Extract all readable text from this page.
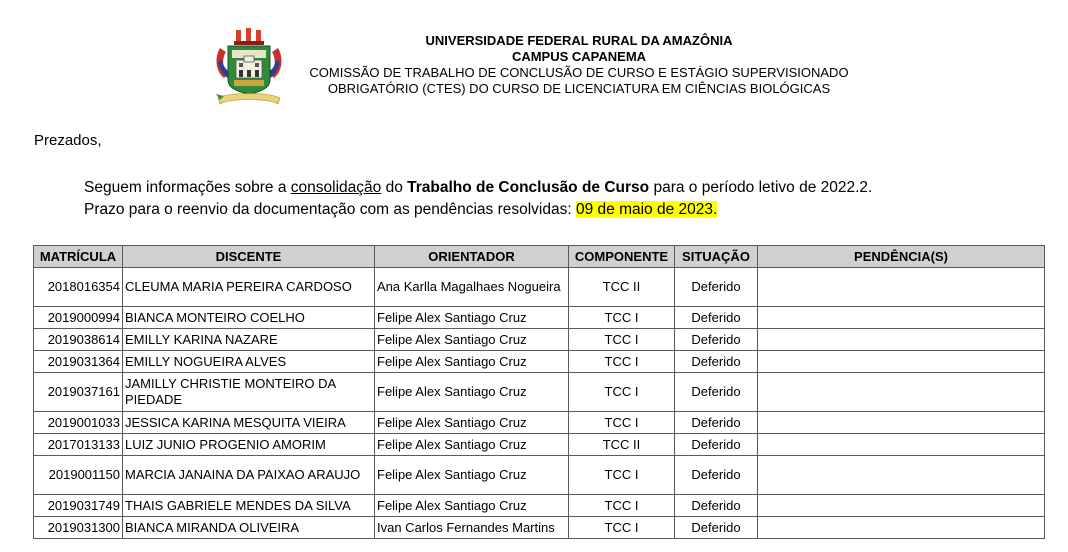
UNIVERSIDADE FEDERAL RURAL DA AMAZÔNIA
CAMPUS CAPANEMA
COMISSÃO DE TRABALHO DE CONCLUSÃO DE CURSO E ESTÁGIO SUPERVISIONADO
OBRIGATÓRIO (CTES) DO CURSO DE LICENCIATURA EM CIÊNCIAS BIOLÓGICAS
Prezados,
Seguem informações sobre a consolidação do Trabalho de Conclusão de Curso para o período letivo de 2022.2.
Prazo para o reenvio da documentação com as pendências resolvidas: 09 de maio de 2023.
MATRÍCULA	DISCENTE	ORIENTADOR	COMPONENTE	SITUAÇÃO	PENDÊNCIA(S)
2018016354	CLEUMA MARIA PEREIRA CARDOSO	Ana Karlla Magalhaes Nogueira	TCC II	Deferido	
2019000994	BIANCA MONTEIRO COELHO	Felipe Alex Santiago Cruz	TCC I	Deferido	
2019038614	EMILLY KARINA NAZARE	Felipe Alex Santiago Cruz	TCC I	Deferido	
2019031364	EMILLY NOGUEIRA ALVES	Felipe Alex Santiago Cruz	TCC I	Deferido	
2019037161	JAMILLY CHRISTIE MONTEIRO DA PIEDADE	Felipe Alex Santiago Cruz	TCC I	Deferido	
2019001033	JESSICA KARINA MESQUITA VIEIRA	Felipe Alex Santiago Cruz	TCC I	Deferido	
2017013133	LUIZ JUNIO PROGENIO AMORIM	Felipe Alex Santiago Cruz	TCC II	Deferido	
2019001150	MARCIA JANAINA DA PAIXAO ARAUJO	Felipe Alex Santiago Cruz	TCC I	Deferido	
2019031749	THAIS GABRIELE MENDES DA SILVA	Felipe Alex Santiago Cruz	TCC I	Deferido	
2019031300	BIANCA MIRANDA OLIVEIRA	Ivan Carlos Fernandes Martins	TCC I	Deferido	
